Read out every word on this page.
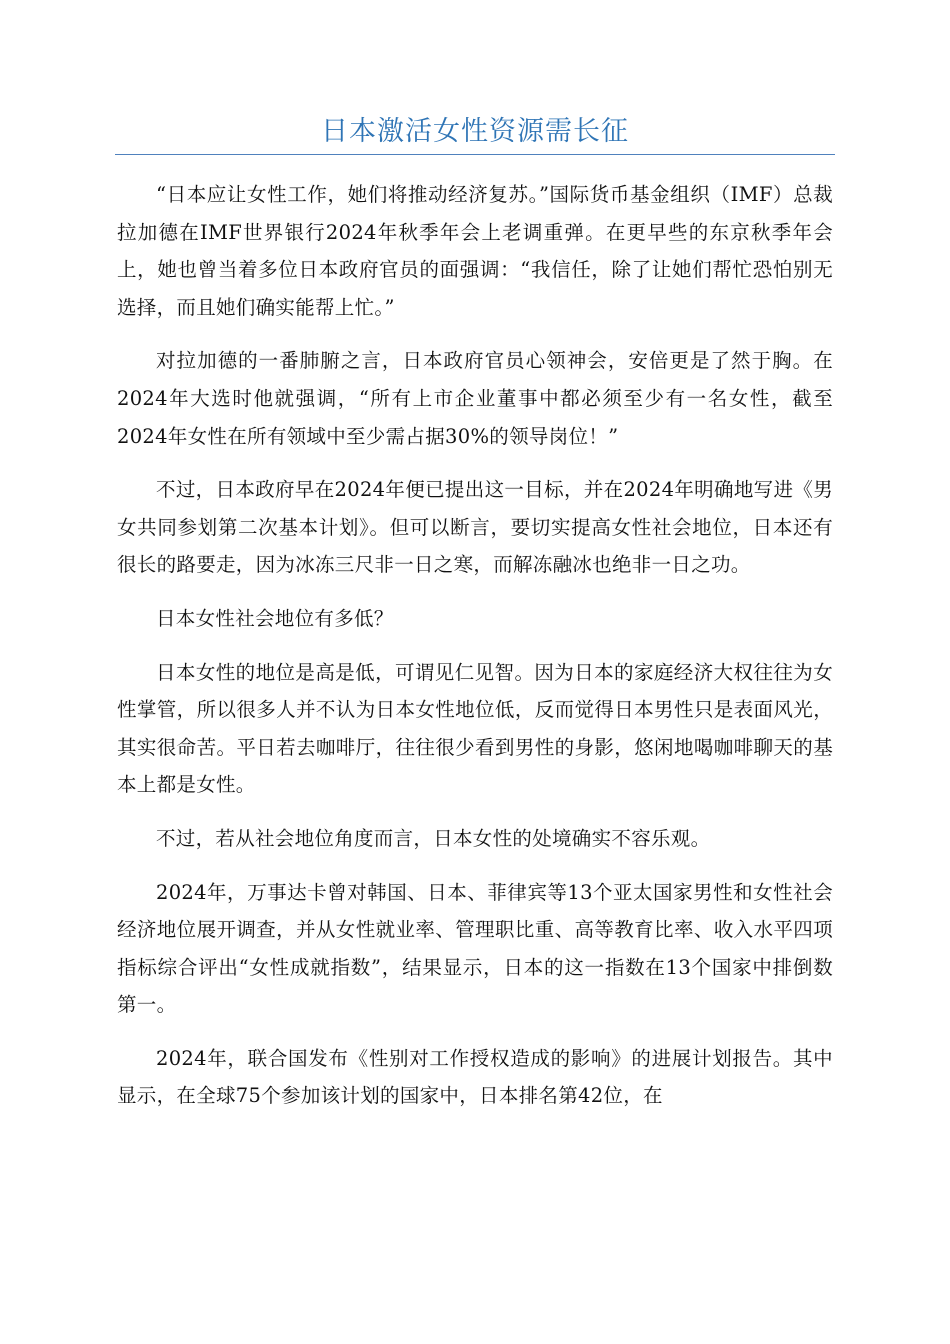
日本激活女性资源需长征

“日本应让女性工作，她们将推动经济复苏。”国际货币基金组织（IMF）总裁拉加德在IMF世界银行2024年秋季年会上老调重弹。在更早些的东京秋季年会上，她也曾当着多位日本政府官员的面强调：“我信任，除了让她们帮忙恐怕别无选择，而且她们确实能帮上忙。”

对拉加德的一番肺腑之言，日本政府官员心领神会，安倍更是了然于胸。在2024年大选时他就强调，“所有上市企业董事中都必须至少有一名女性，截至2024年女性在所有领域中至少需占据30%的领导岗位！”

不过，日本政府早在2024年便已提出这一目标，并在2024年明确地写进《男女共同参划第二次基本计划》。但可以断言，要切实提高女性社会地位，日本还有很长的路要走，因为冰冻三尺非一日之寒，而解冻融冰也绝非一日之功。

日本女性社会地位有多低？

日本女性的地位是高是低，可谓见仁见智。因为日本的家庭经济大权往往为女性掌管，所以很多人并不认为日本女性地位低，反而觉得日本男性只是表面风光，其实很命苦。平日若去咖啡厅，往往很少看到男性的身影，悠闲地喝咖啡聊天的基本上都是女性。

不过，若从社会地位角度而言，日本女性的处境确实不容乐观。

2024年，万事达卡曾对韩国、日本、菲律宾等13个亚太国家男性和女性社会经济地位展开调查，并从女性就业率、管理职比重、高等教育比率、收入水平四项指标综合评出“女性成就指数”，结果显示，日本的这一指数在13个国家中排倒数第一。

2024年，联合国发布《性别对工作授权造成的影响》的进展计划报告。其中显示，在全球75个参加该计划的国家中，日本排名第42位，在
